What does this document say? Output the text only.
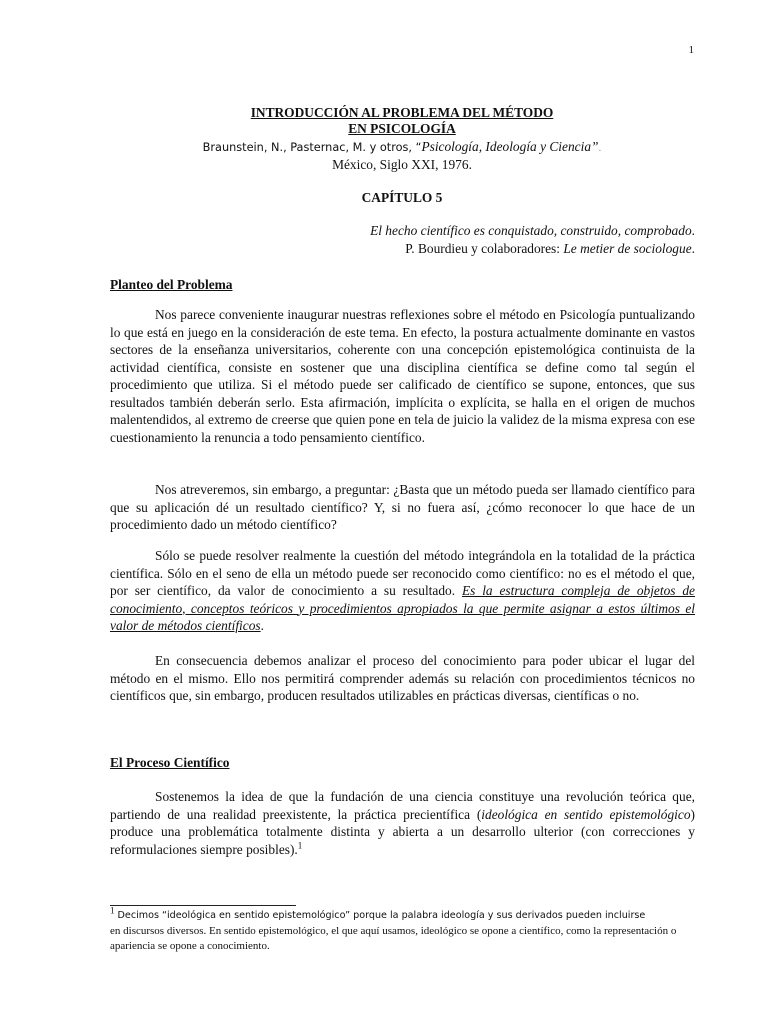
1
INTRODUCCIÓN AL PROBLEMA DEL MÉTODO
EN PSICOLOGÍA
Braunstein, N., Pasternac, M. y otros, “Psicología, Ideología y Ciencia”.
México, Siglo XXI, 1976.
CAPÍTULO 5
El hecho científico es conquistado, construido, comprobado.
P. Bourdieu y colaboradores: Le metier de sociologue.
Planteo del Problema

Nos parece conveniente inaugurar nuestras reflexiones sobre el método en Psicología puntualizando lo que está en juego en la consideración de este tema. En efecto, la postura actualmente dominante en vastos sectores de la enseñanza universitarios, coherente con una concepción epistemológica continuista de la actividad científica, consiste en sostener que una disciplina científica se define como tal según el procedimiento que utiliza. Si el método puede ser calificado de científico se supone, entonces, que sus resultados también deberán serlo. Esta afirmación, implícita o explícita, se halla en el origen de muchos malentendidos, al extremo de creerse que quien pone en tela de juicio la validez de la misma expresa con ese cuestionamiento la renuncia a todo pensamiento científico.

Nos atreveremos, sin embargo, a preguntar: ¿Basta que un método pueda ser llamado científico para que su aplicación dé un resultado científico? Y, si no fuera así, ¿cómo reconocer lo que hace de un procedimiento dado un método científico?

Sólo se puede resolver realmente la cuestión del método integrándola en la totalidad de la práctica científica. Sólo en el seno de ella un método puede ser reconocido como científico: no es el método el que, por ser científico, da valor de conocimiento a su resultado. Es la estructura compleja de objetos de conocimiento, conceptos teóricos y procedimientos apropiados la que permite asignar a estos últimos el valor de métodos científicos.

En consecuencia debemos analizar el proceso del conocimiento para poder ubicar el lugar del método en el mismo. Ello nos permitirá comprender además su relación con procedimientos técnicos no científicos que, sin embargo, producen resultados utilizables en prácticas diversas, científicas o no.

El Proceso Científico

Sostenemos la idea de que la fundación de una ciencia constituye una revolución teórica que, partiendo de una realidad preexistente, la práctica precientífica (ideológica en sentido epistemológico) produce una problemática totalmente distinta y abierta a un desarrollo ulterior (con correcciones y reformulaciones siempre posibles).$^1$

$^1$ Decimos “ideológica en sentido epistemológico” porque la palabra ideología y sus derivados pueden incluirse
en discursos diversos. En sentido epistemológico, el que aquí usamos, ideológico se opone a científico, como la representación o apariencia se opone a conocimiento.
